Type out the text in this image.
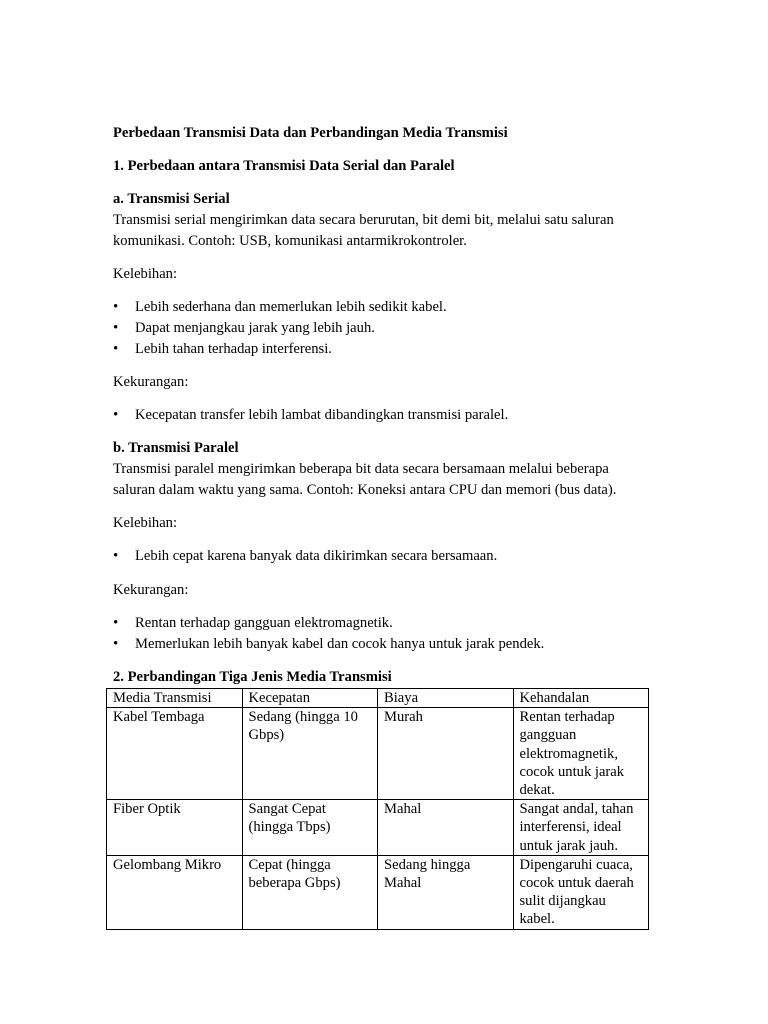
Perbedaan Transmisi Data dan Perbandingan Media Transmisi
1. Perbedaan antara Transmisi Data Serial dan Paralel
a. Transmisi Serial
Transmisi serial mengirimkan data secara berurutan, bit demi bit, melalui satu saluran
komunikasi. Contoh: USB, komunikasi antarmikrokontroler.
Kelebihan:
• Lebih sederhana dan memerlukan lebih sedikit kabel.
• Dapat menjangkau jarak yang lebih jauh.
• Lebih tahan terhadap interferensi.
Kekurangan:
• Kecepatan transfer lebih lambat dibandingkan transmisi paralel.
b. Transmisi Paralel
Transmisi paralel mengirimkan beberapa bit data secara bersamaan melalui beberapa
saluran dalam waktu yang sama. Contoh: Koneksi antara CPU dan memori (bus data).
Kelebihan:
• Lebih cepat karena banyak data dikirimkan secara bersamaan.
Kekurangan:
• Rentan terhadap gangguan elektromagnetik.
• Memerlukan lebih banyak kabel dan cocok hanya untuk jarak pendek.
2. Perbandingan Tiga Jenis Media Transmisi
Media Transmisi	Kecepatan	Biaya	Kehandalan
Kabel Tembaga	Sedang (hingga 10 Gbps)	Murah	Rentan terhadap gangguan elektromagnetik, cocok untuk jarak dekat.
Fiber Optik	Sangat Cepat (hingga Tbps)	Mahal	Sangat andal, tahan interferensi, ideal untuk jarak jauh.
Gelombang Mikro	Cepat (hingga beberapa Gbps)	Sedang hingga Mahal	Dipengaruhi cuaca, cocok untuk daerah sulit dijangkau kabel.
